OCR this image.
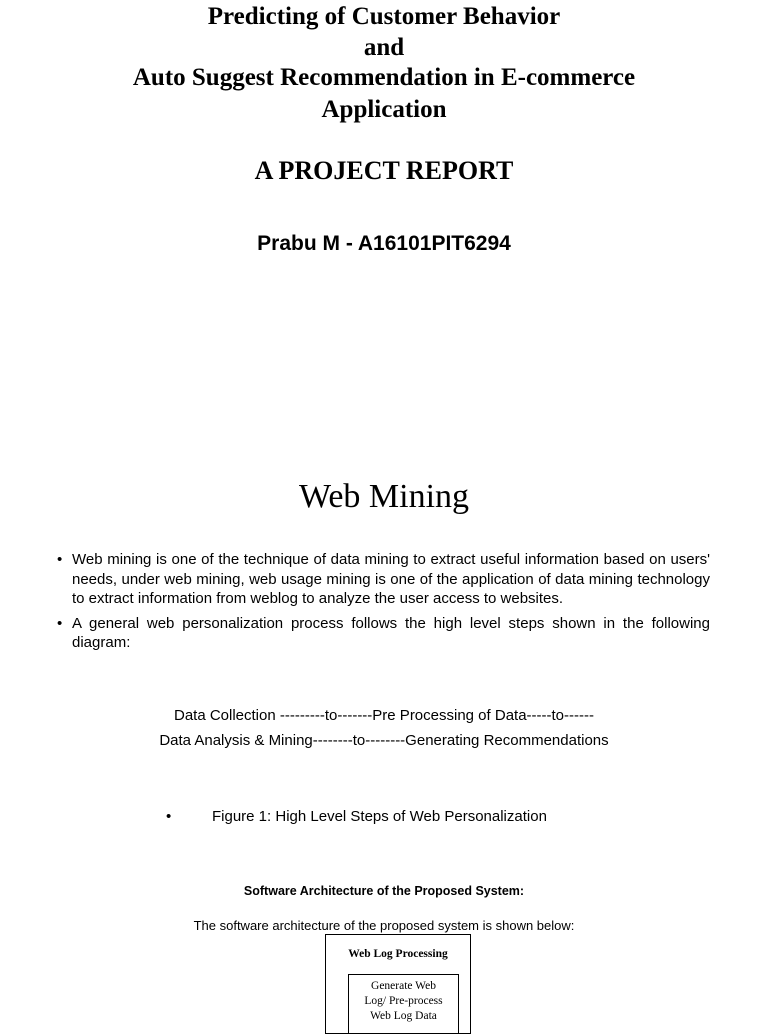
Predicting of Customer Behavior
and
Auto Suggest Recommendation in E-commerce
Application
A PROJECT REPORT
Prabu M - A16101PIT6294
Web Mining
• Web mining is one of the technique of data mining to extract useful information based on users' needs, under web mining, web usage mining is one of the application of data mining technology to extract information from weblog to analyze the user access to websites.
• A general web personalization process follows the high level steps shown in the following diagram:

Data Collection ---------to-------Pre Processing of Data-----to------

Data Analysis & Mining--------to--------Generating Recommendations

•	Figure 1: High Level Steps of Web Personalization

Software Architecture of the Proposed System:

The software architecture of the proposed system is shown below:

Web Log Processing
Generate Web
Log/ Pre-process
Web Log Data
